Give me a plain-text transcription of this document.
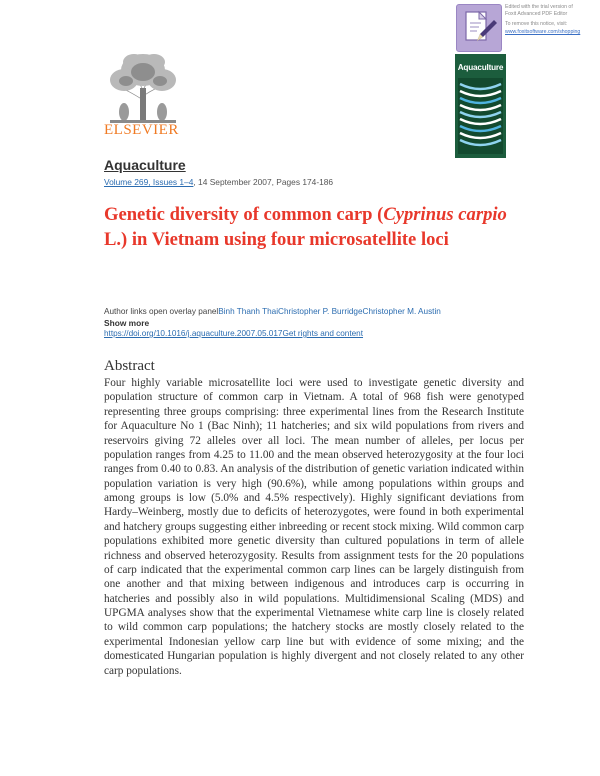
Edited with the trial version of
Foxit Advanced PDF Editor
To remove this notice, visit:
www.foxitsoftware.com/shopping
ELSEVIER
Aquaculture
Aquaculture
Volume 269, Issues 1–4, 14 September 2007, Pages 174-186
Genetic diversity of common carp (Cyprinus carpio L.) in Vietnam using four microsatellite loci
Author links open overlay panelBinh Thanh ThaiChristopher P. BurridgeChristopher M. Austin
Show more
https://doi.org/10.1016/j.aquaculture.2007.05.017Get rights and content
Abstract
Four highly variable microsatellite loci were used to investigate genetic diversity and population structure of common carp in Vietnam. A total of 968 fish were genotyped representing three groups comprising: three experimental lines from the Research Institute for Aquaculture No 1 (Bac Ninh); 11 hatcheries; and six wild populations from rivers and reservoirs giving 72 alleles over all loci. The mean number of alleles, per locus per population ranges from 4.25 to 11.00 and the mean observed heterozygosity at the four loci ranges from 0.40 to 0.83. An analysis of the distribution of genetic variation indicated within population variation is very high (90.6%), while among populations within groups and among groups is low (5.0% and 4.5% respectively). Highly significant deviations from Hardy–Weinberg, mostly due to deficits of heterozygotes, were found in both experimental and hatchery groups suggesting either inbreeding or recent stock mixing. Wild common carp populations exhibited more genetic diversity than cultured populations in term of allele richness and observed heterozygosity. Results from assignment tests for the 20 populations of carp indicated that the experimental common carp lines can be largely distinguish from one another and that mixing between indigenous and introduces carp is occurring in hatcheries and possibly also in wild populations. Multidimensional Scaling (MDS) and UPGMA analyses show that the experimental Vietnamese white carp line is closely related to wild common carp populations; the hatchery stocks are mostly closely related to the experimental Indonesian yellow carp line but with evidence of some mixing; and the domesticated Hungarian population is highly divergent and not closely related to any other carp populations.
